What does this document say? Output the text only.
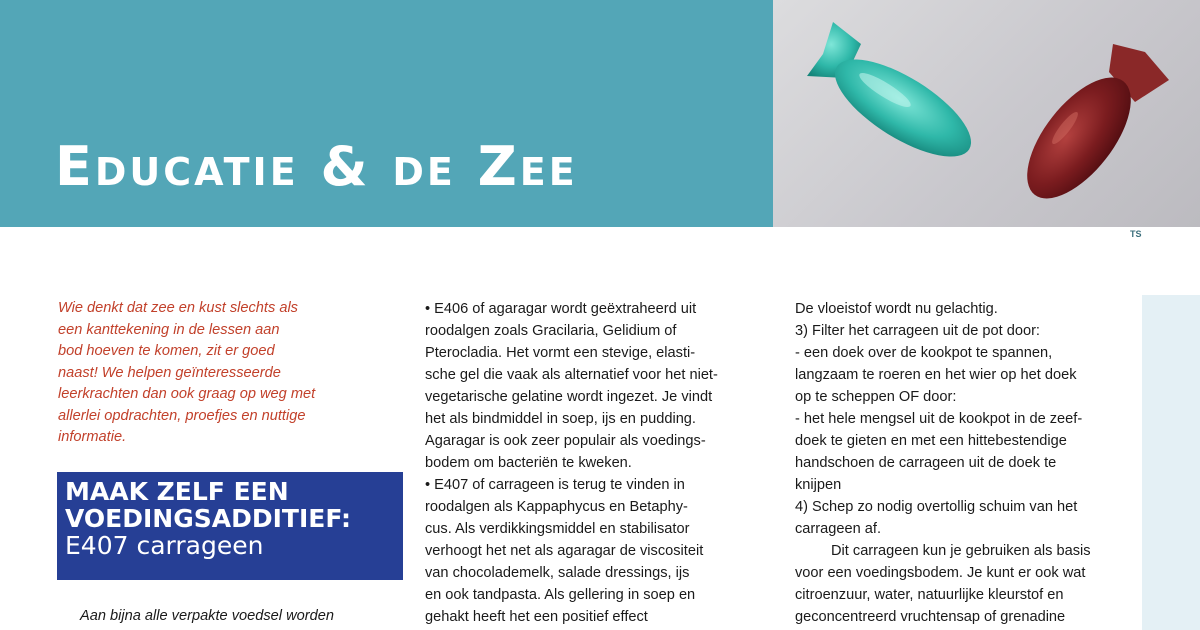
Educatie & de Zee
TS

Wie denkt dat zee en kust slechts als

een kanttekening in de lessen aan

bod hoeven te komen, zit er goed

naast! We helpen geïnteresseerde

leerkrachten dan ook graag op weg met

allerlei opdrachten, proefjes en nuttige

informatie.

MAAK ZELF EEN
VOEDINGSADDITIEF:
E407 carrageen
Aan bijna alle verpakte voedsel worden

• E406 of agaragar wordt geëxtraheerd uit

roodalgen zoals Gracilaria, Gelidium of

Pterocladia. Het vormt een stevige, elasti-

sche gel die vaak als alternatief voor het niet-

vegetarische gelatine wordt ingezet. Je vindt

het als bindmiddel in soep, ijs en pudding.

Agaragar is ook zeer populair als voedings-

bodem om bacteriën te kweken.

• E407 of carrageen is terug te vinden in

roodalgen als Kappaphycus en Betaphy-

cus. Als verdikkingsmiddel en stabilisator

verhoogt het net als agaragar de viscositeit

van chocolademelk, salade dressings, ijs

en ook tandpasta. Als gellering in soep en

gehakt heeft het een positief effect

De vloeistof wordt nu gelachtig.

3) Filter het carrageen uit de pot door:

- een doek over de kookpot te spannen,

langzaam te roeren en het wier op het doek

op te scheppen OF door:

- het hele mengsel uit de kookpot in de zeef-

doek te gieten en met een hittebestendige

handschoen de carrageen uit de doek te

knijpen

4) Schep zo nodig overtollig schuim van het

carrageen af.

Dit carrageen kun je gebruiken als basis

voor een voedingsbodem. Je kunt er ook wat

citroenzuur, water, natuurlijke kleurstof en

geconcentreerd vruchtensap of grenadine
